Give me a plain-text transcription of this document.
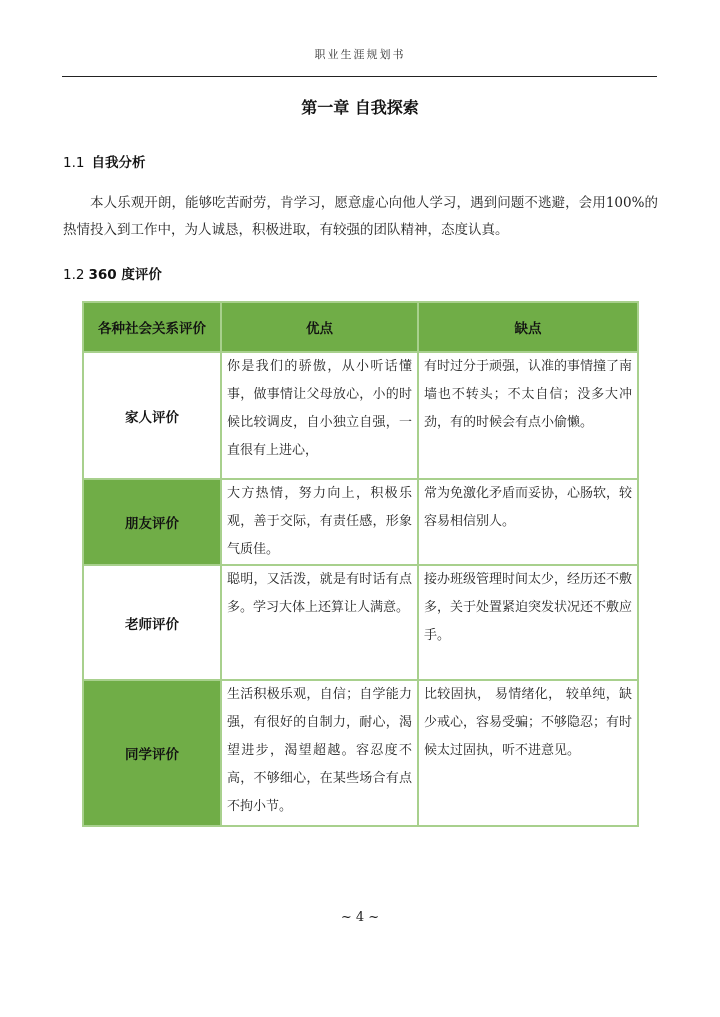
职业生涯规划书
第一章 自我探索
1.1 自我分析
本人乐观开朗，能够吃苦耐劳，肯学习，愿意虚心向他人学习，遇到问题不逃避，会用100%的热情投入到工作中，为人诚恳，积极进取，有较强的团队精神，态度认真。
1.2 360 度评价
各种社会关系评价	优点	缺点
家人评价	你是我们的骄傲，从小听话懂事，做事情让父母放心，小的时候比较调皮，自小独立自强，一直很有上进心，	有时过分于顽强，认准的事情撞了南墙也不转头；不太自信；没多大冲劲，有的时候会有点小偷懒。
朋友评价	大方热情，努力向上，积极乐观，善于交际，有责任感，形象气质佳。	常为免激化矛盾而妥协，心肠软，较容易相信别人。
老师评价	聪明，又活泼，就是有时话有点多。学习大体上还算让人满意。	接办班级管理时间太少，经历还不敷多，关于处置紧迫突发状况还不敷应手。
同学评价	生活积极乐观，自信；自学能力强，有很好的自制力，耐心，渴望进步，渴望超越。容忍度不高，不够细心，在某些场合有点不拘小节。	比较固执， 易情绪化， 较单纯，缺少戒心，容易受骗；不够隐忍；有时候太过固执，听不进意见。
~ 4 ~
